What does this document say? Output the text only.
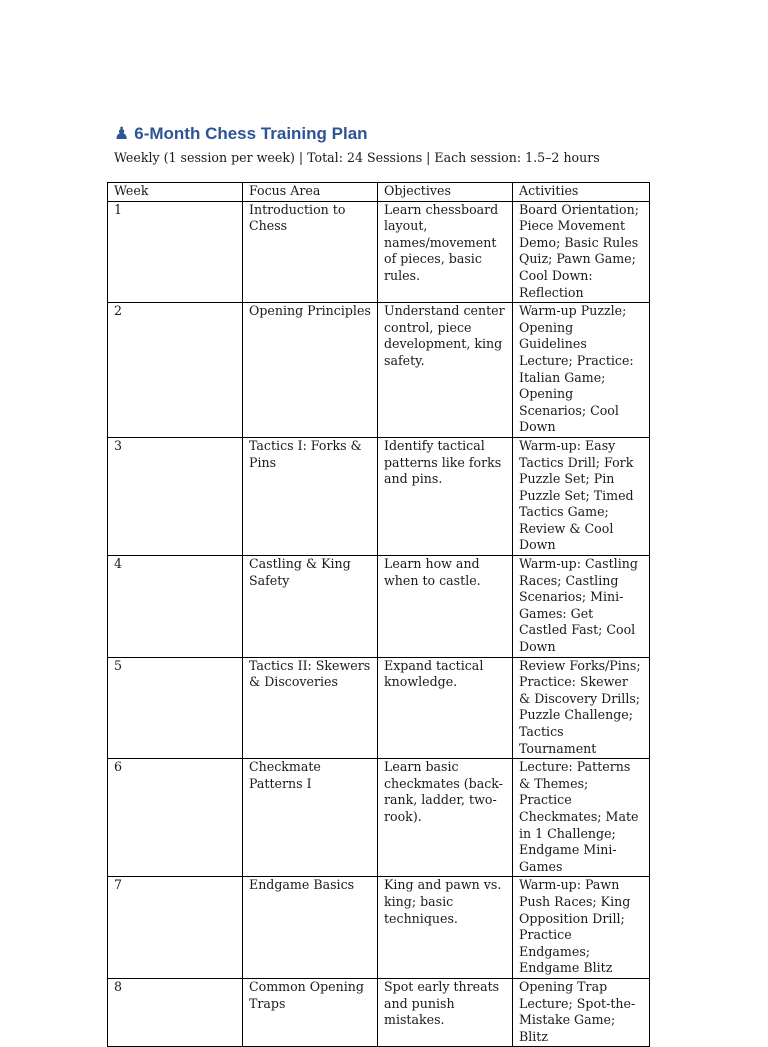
♟ 6-Month Chess Training Plan
Weekly (1 session per week) | Total: 24 Sessions | Each session: 1.5–2 hours
Week	Focus Area	Objectives	Activities
1	Introduction to Chess	Learn chessboard layout, names/movement of pieces, basic rules.	Board Orientation; Piece Movement Demo; Basic Rules Quiz; Pawn Game; Cool Down: Reflection
2	Opening Principles	Understand center control, piece development, king safety.	Warm-up Puzzle; Opening Guidelines Lecture; Practice: Italian Game; Opening Scenarios; Cool Down
3	Tactics I: Forks & Pins	Identify tactical patterns like forks and pins.	Warm-up: Easy Tactics Drill; Fork Puzzle Set; Pin Puzzle Set; Timed Tactics Game; Review & Cool Down
4	Castling & King Safety	Learn how and when to castle.	Warm-up: Castling Races; Castling Scenarios; Mini-Games: Get Castled Fast; Cool Down
5	Tactics II: Skewers & Discoveries	Expand tactical knowledge.	Review Forks/Pins; Practice: Skewer & Discovery Drills; Puzzle Challenge; Tactics Tournament
6	Checkmate Patterns I	Learn basic checkmates (back-rank, ladder, two-rook).	Lecture: Patterns & Themes; Practice Checkmates; Mate in 1 Challenge; Endgame Mini-Games
7	Endgame Basics	King and pawn vs. king; basic techniques.	Warm-up: Pawn Push Races; King Opposition Drill; Practice Endgames; Endgame Blitz
8	Common Opening Traps	Spot early threats and punish mistakes.	Opening Trap Lecture; Spot-the-Mistake Game; Blitz
